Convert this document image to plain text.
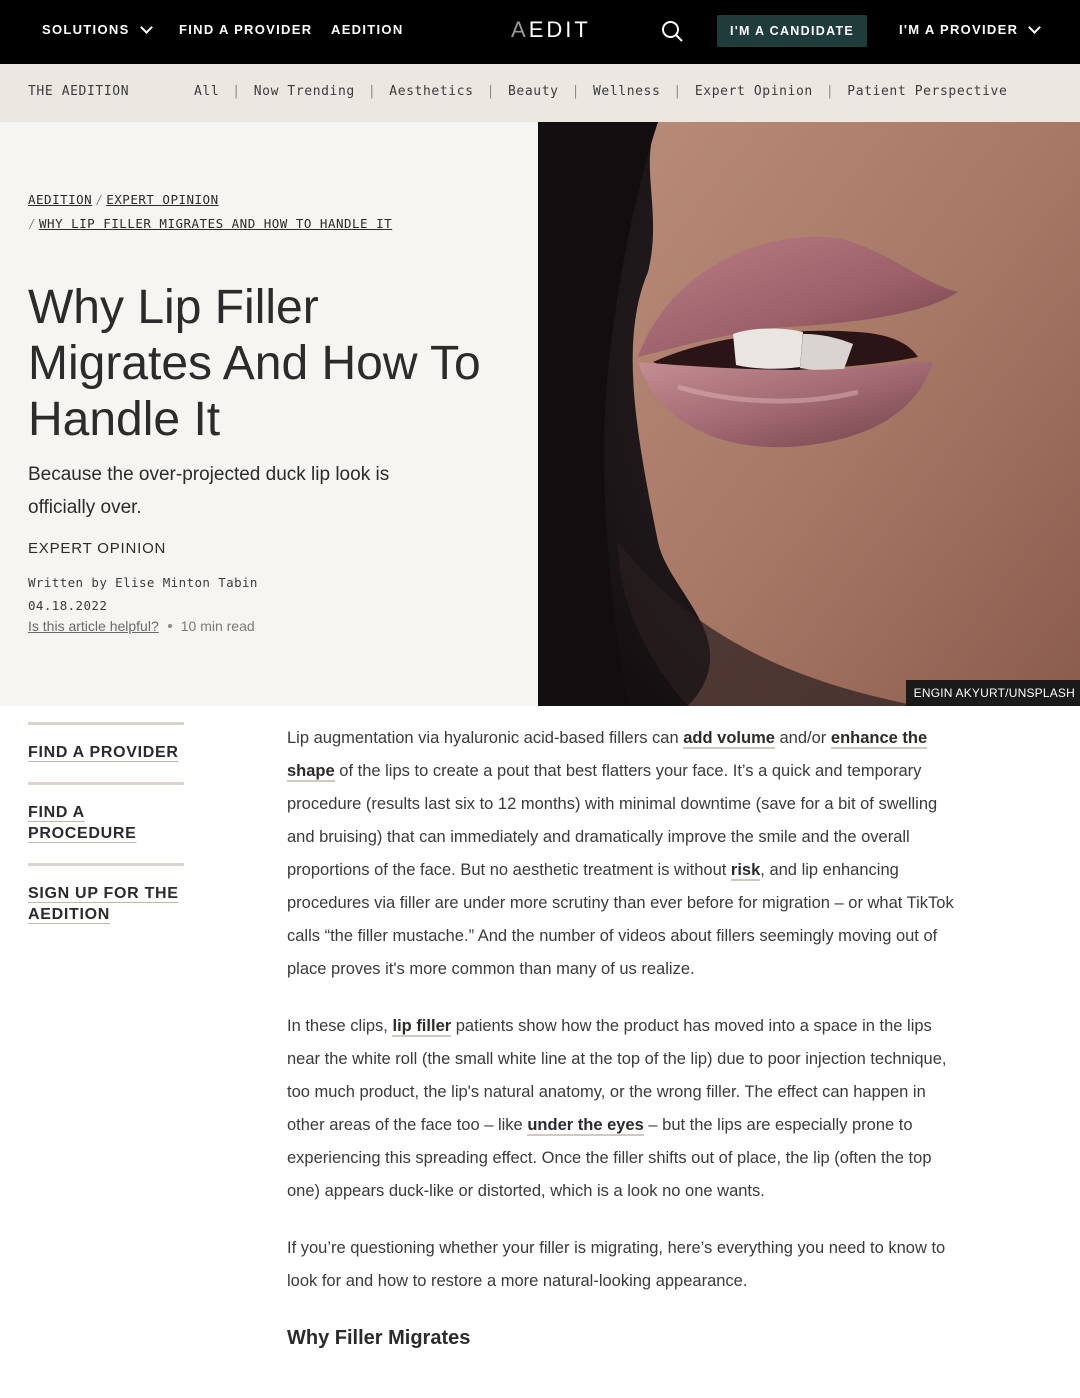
SOLUTIONS	FIND A PROVIDER AEDITION	AEDIT	I'M A CANDIDATE	I'M A PROVIDER
THE AEDITION	All | Now Trending | Aesthetics | Beauty | Wellness | Expert Opinion | Patient Perspective
AEDITION / EXPERT OPINION
/ WHY LIP FILLER MIGRATES AND HOW TO HANDLE IT
Why Lip Filler Migrates And How To Handle It
Because the over-projected duck lip look is officially over.
EXPERT OPINION
Written by Elise Minton Tabin
04.18.2022
Is this article helpful? 10 min read
ENGIN AKYURT/UNSPLASH
FIND A PROVIDER
FIND A PROCEDURE
SIGN UP FOR THE AEDITION

Lip augmentation via hyaluronic acid-based fillers can add volume and/or enhance the shape of the lips to create a pout that best flatters your face. It’s a quick and temporary procedure (results last six to 12 months) with minimal downtime (save for a bit of swelling and bruising) that can immediately and dramatically improve the smile and the overall proportions of the face. But no aesthetic treatment is without risk, and lip enhancing procedures via filler are under more scrutiny than ever before for migration – or what TikTok calls “the filler mustache.” And the number of videos about fillers seemingly moving out of place proves it's more common than many of us realize.

In these clips, lip filler patients show how the product has moved into a space in the lips near the white roll (the small white line at the top of the lip) due to poor injection technique, too much product, the lip's natural anatomy, or the wrong filler. The effect can happen in other areas of the face too – like under the eyes – but the lips are especially prone to experiencing this spreading effect. Once the filler shifts out of place, the lip (often the top one) appears duck-like or distorted, which is a look no one wants.

If you’re questioning whether your filler is migrating, here’s everything you need to know to look for and how to restore a more natural-looking appearance.

Why Filler Migrates
